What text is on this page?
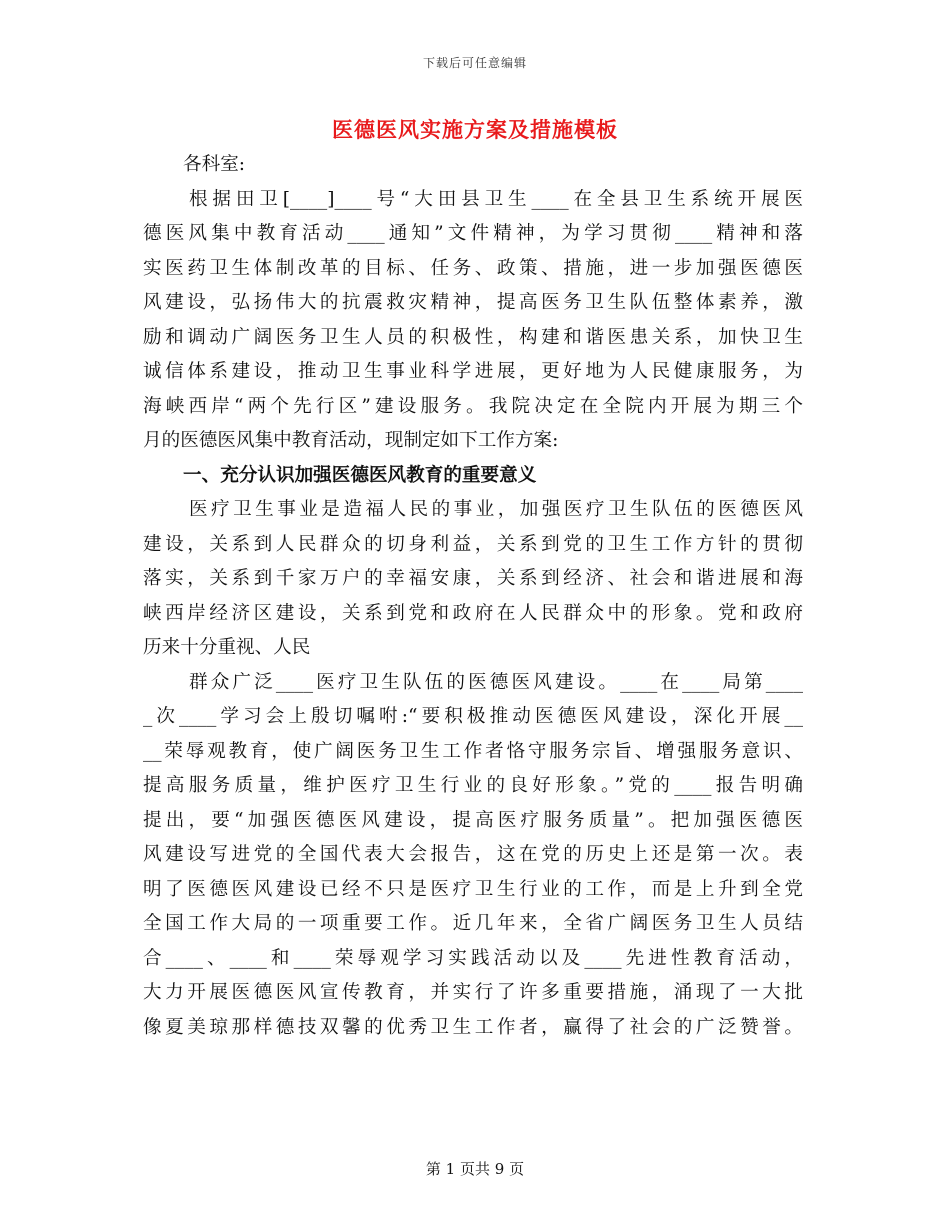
下载后可任意编辑
医德医风实施方案及措施模板
各科室:
根据田卫[____]____号“大田县卫生____在全县卫生系统开展医
德医风集中教育活动____通知”文件精神，为学习贯彻____精神和落
实医药卫生体制改革的目标、任务、政策、措施，进一步加强医德医
风建设，弘扬伟大的抗震救灾精神，提高医务卫生队伍整体素养，激
励和调动广阔医务卫生人员的积极性，构建和谐医患关系，加快卫生
诚信体系建设，推动卫生事业科学进展，更好地为人民健康服务，为
海峡西岸“两个先行区”建设服务。我院决定在全院内开展为期三个
月的医德医风集中教育活动，现制定如下工作方案:
一、充分认识加强医德医风教育的重要意义
医疗卫生事业是造福人民的事业，加强医疗卫生队伍的医德医风
建设，关系到人民群众的切身利益，关系到党的卫生工作方针的贯彻
落实，关系到千家万户的幸福安康，关系到经济、社会和谐进展和海
峡西岸经济区建设，关系到党和政府在人民群众中的形象。党和政府
历来十分重视、人民
群众广泛____医疗卫生队伍的医德医风建设。____在____局第____
_次____学习会上殷切嘱咐:“要积极推动医德医风建设，深化开展__
__荣辱观教育，使广阔医务卫生工作者恪守服务宗旨、增强服务意识、
提高服务质量，维护医疗卫生行业的良好形象。”党的____报告明确
提出，要“加强医德医风建设，提高医疗服务质量”。把加强医德医
风建设写进党的全国代表大会报告，这在党的历史上还是第一次。表
明了医德医风建设已经不只是医疗卫生行业的工作，而是上升到全党
全国工作大局的一项重要工作。近几年来，全省广阔医务卫生人员结
合____、____和____荣辱观学习实践活动以及____先进性教育活动，
大力开展医德医风宣传教育，并实行了许多重要措施，涌现了一大批
像夏美琼那样德技双馨的优秀卫生工作者，赢得了社会的广泛赞誉。
第 1 页共 9 页
